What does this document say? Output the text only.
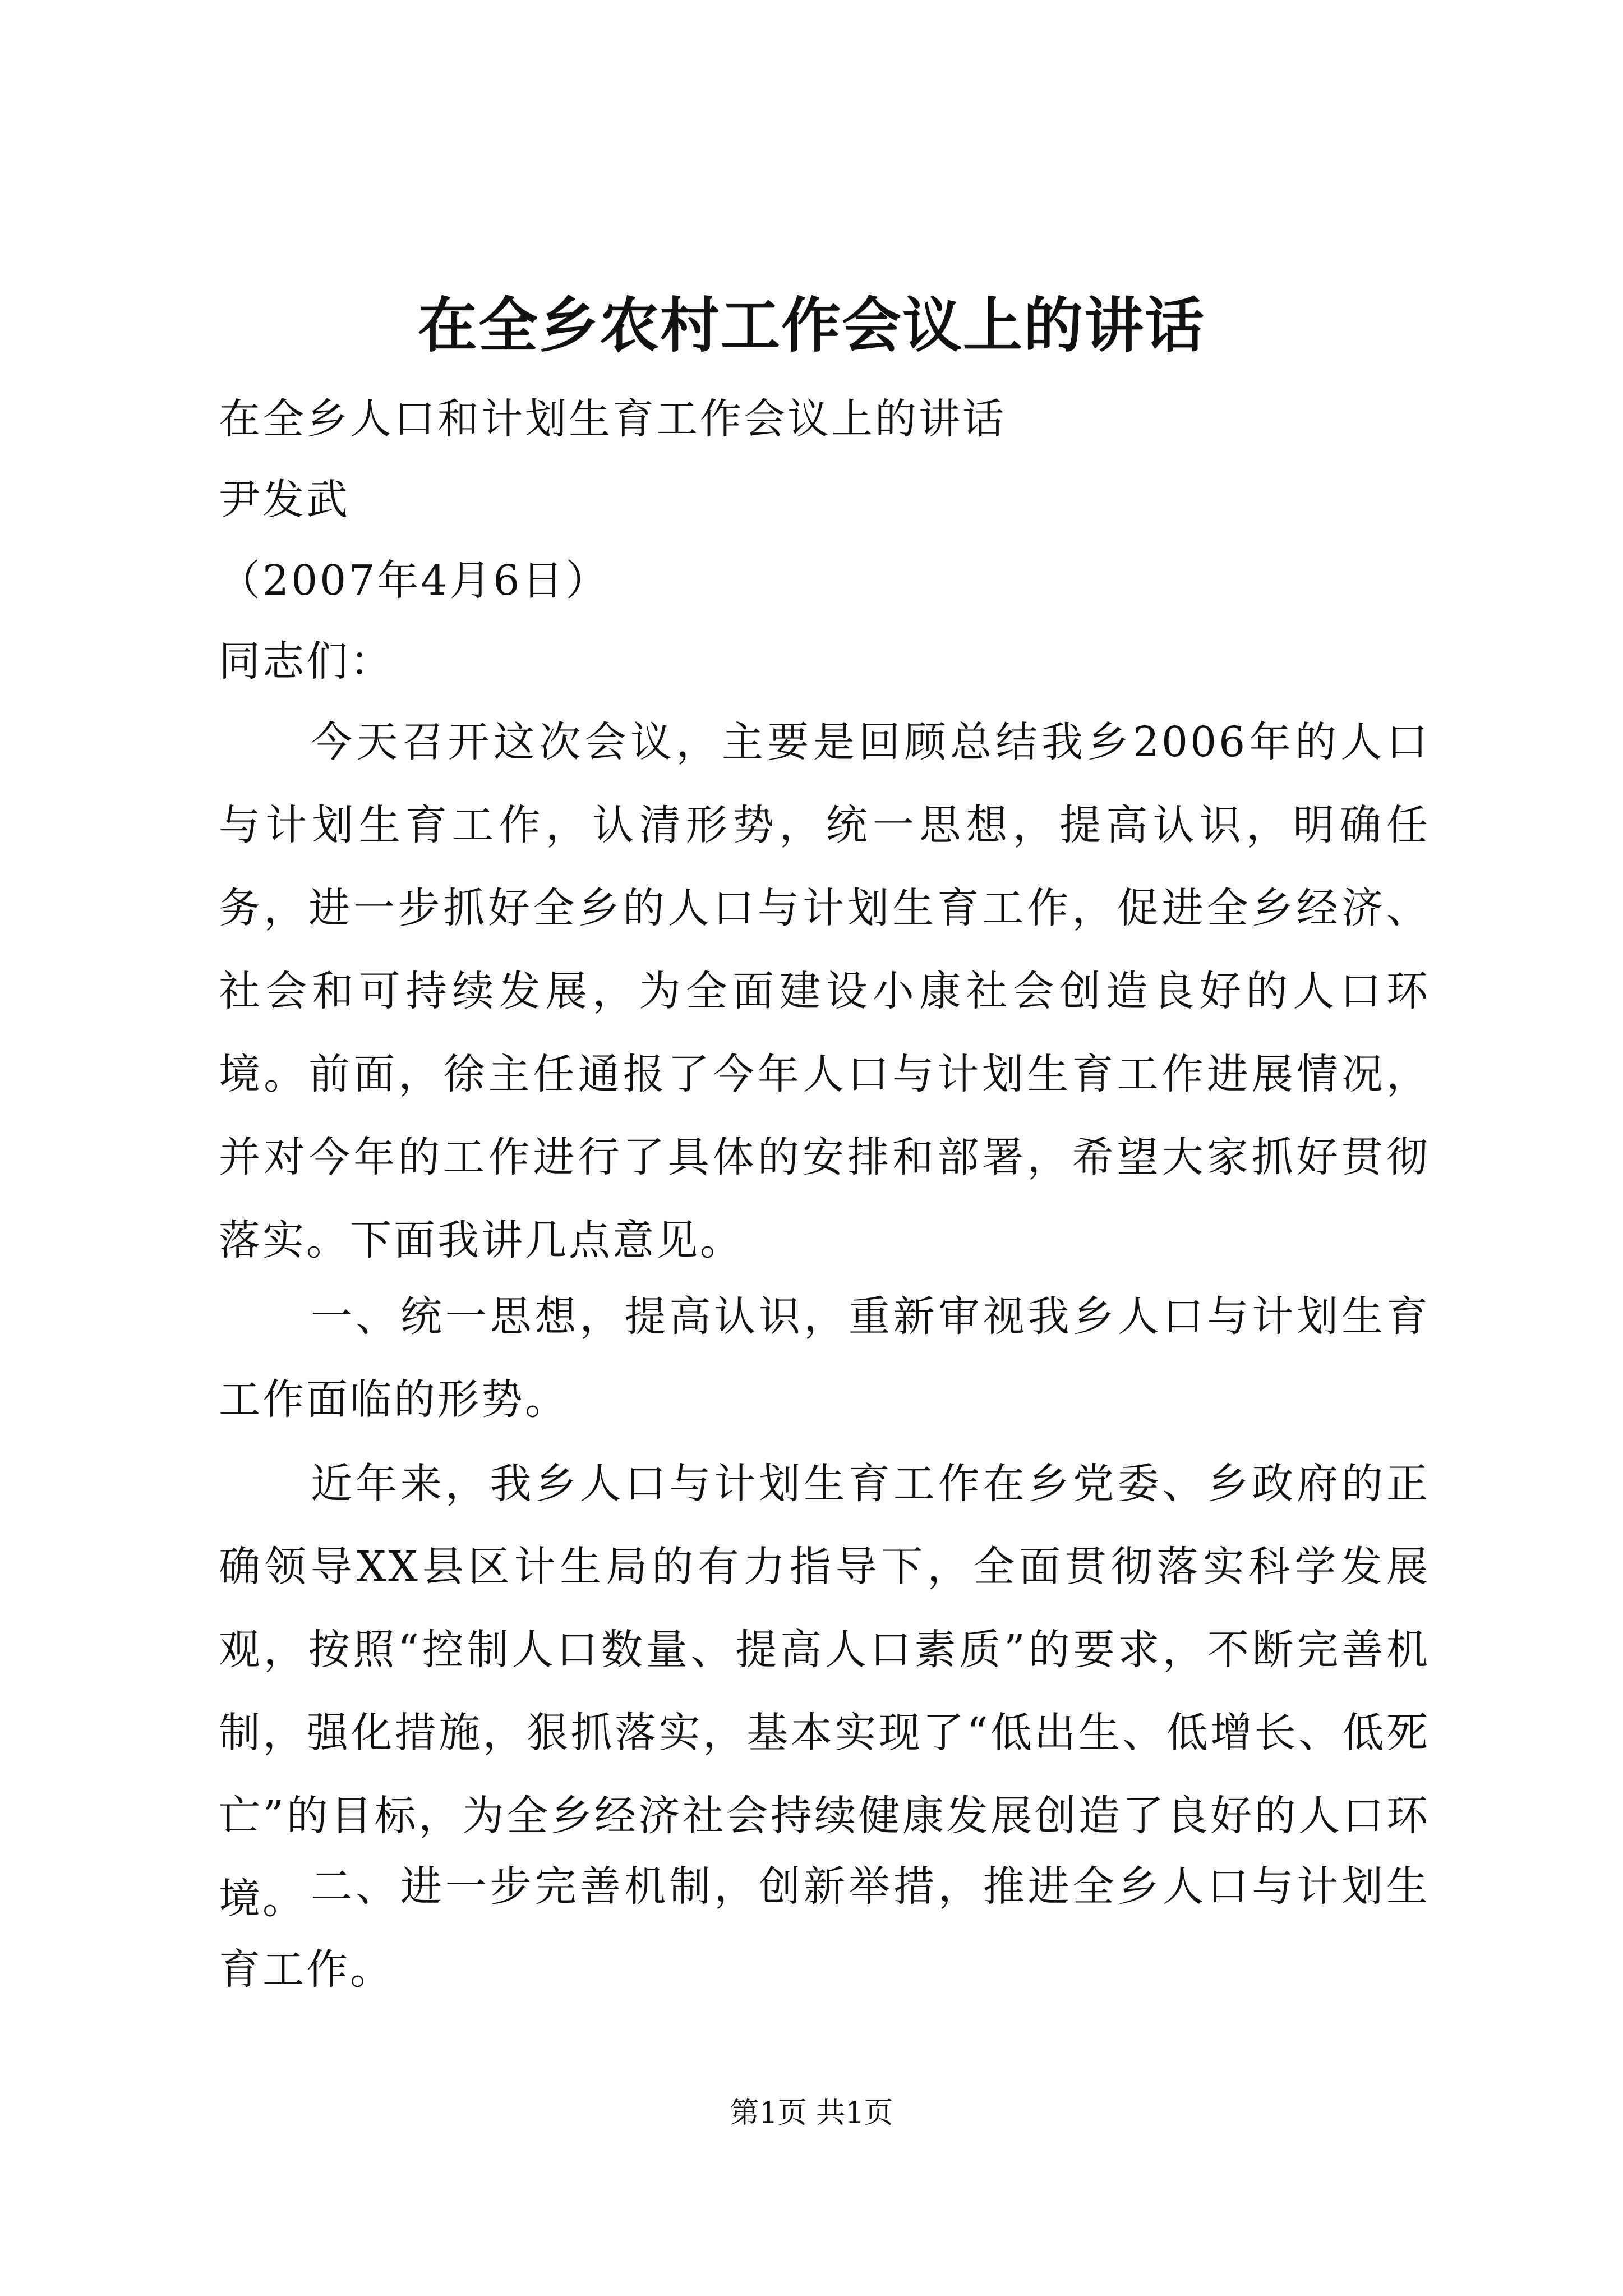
在全乡农村工作会议上的讲话

在全乡人口和计划生育工作会议上的讲话

尹发武

（2007年4月6日）

同志们：

今天召开这次会议，主要是回顾总结我乡2006年的人口与计划生育工作，认清形势，统一思想，提高认识，明确任务，进一步抓好全乡的人口与计划生育工作，促进全乡经济、社会和可持续发展，为全面建设小康社会创造良好的人口环境。前面，徐主任通报了今年人口与计划生育工作进展情况，并对今年的工作进行了具体的安排和部署，希望大家抓好贯彻落实。下面我讲几点意见。

一、统一思想，提高认识，重新审视我乡人口与计划生育工作面临的形势。

近年来，我乡人口与计划生育工作在乡党委、乡政府的正确领导XX县区计生局的有力指导下，全面贯彻落实科学发展观，按照“控制人口数量、提高人口素质”的要求，不断完善机制，强化措施，狠抓落实，基本实现了“低出生、低增长、低死亡”的目标，为全乡经济社会持续健康发展创造了良好的人口环境。 二、进一步完善机制，创新举措，推进全乡人口与计划生育工作。

第1页 共1页
